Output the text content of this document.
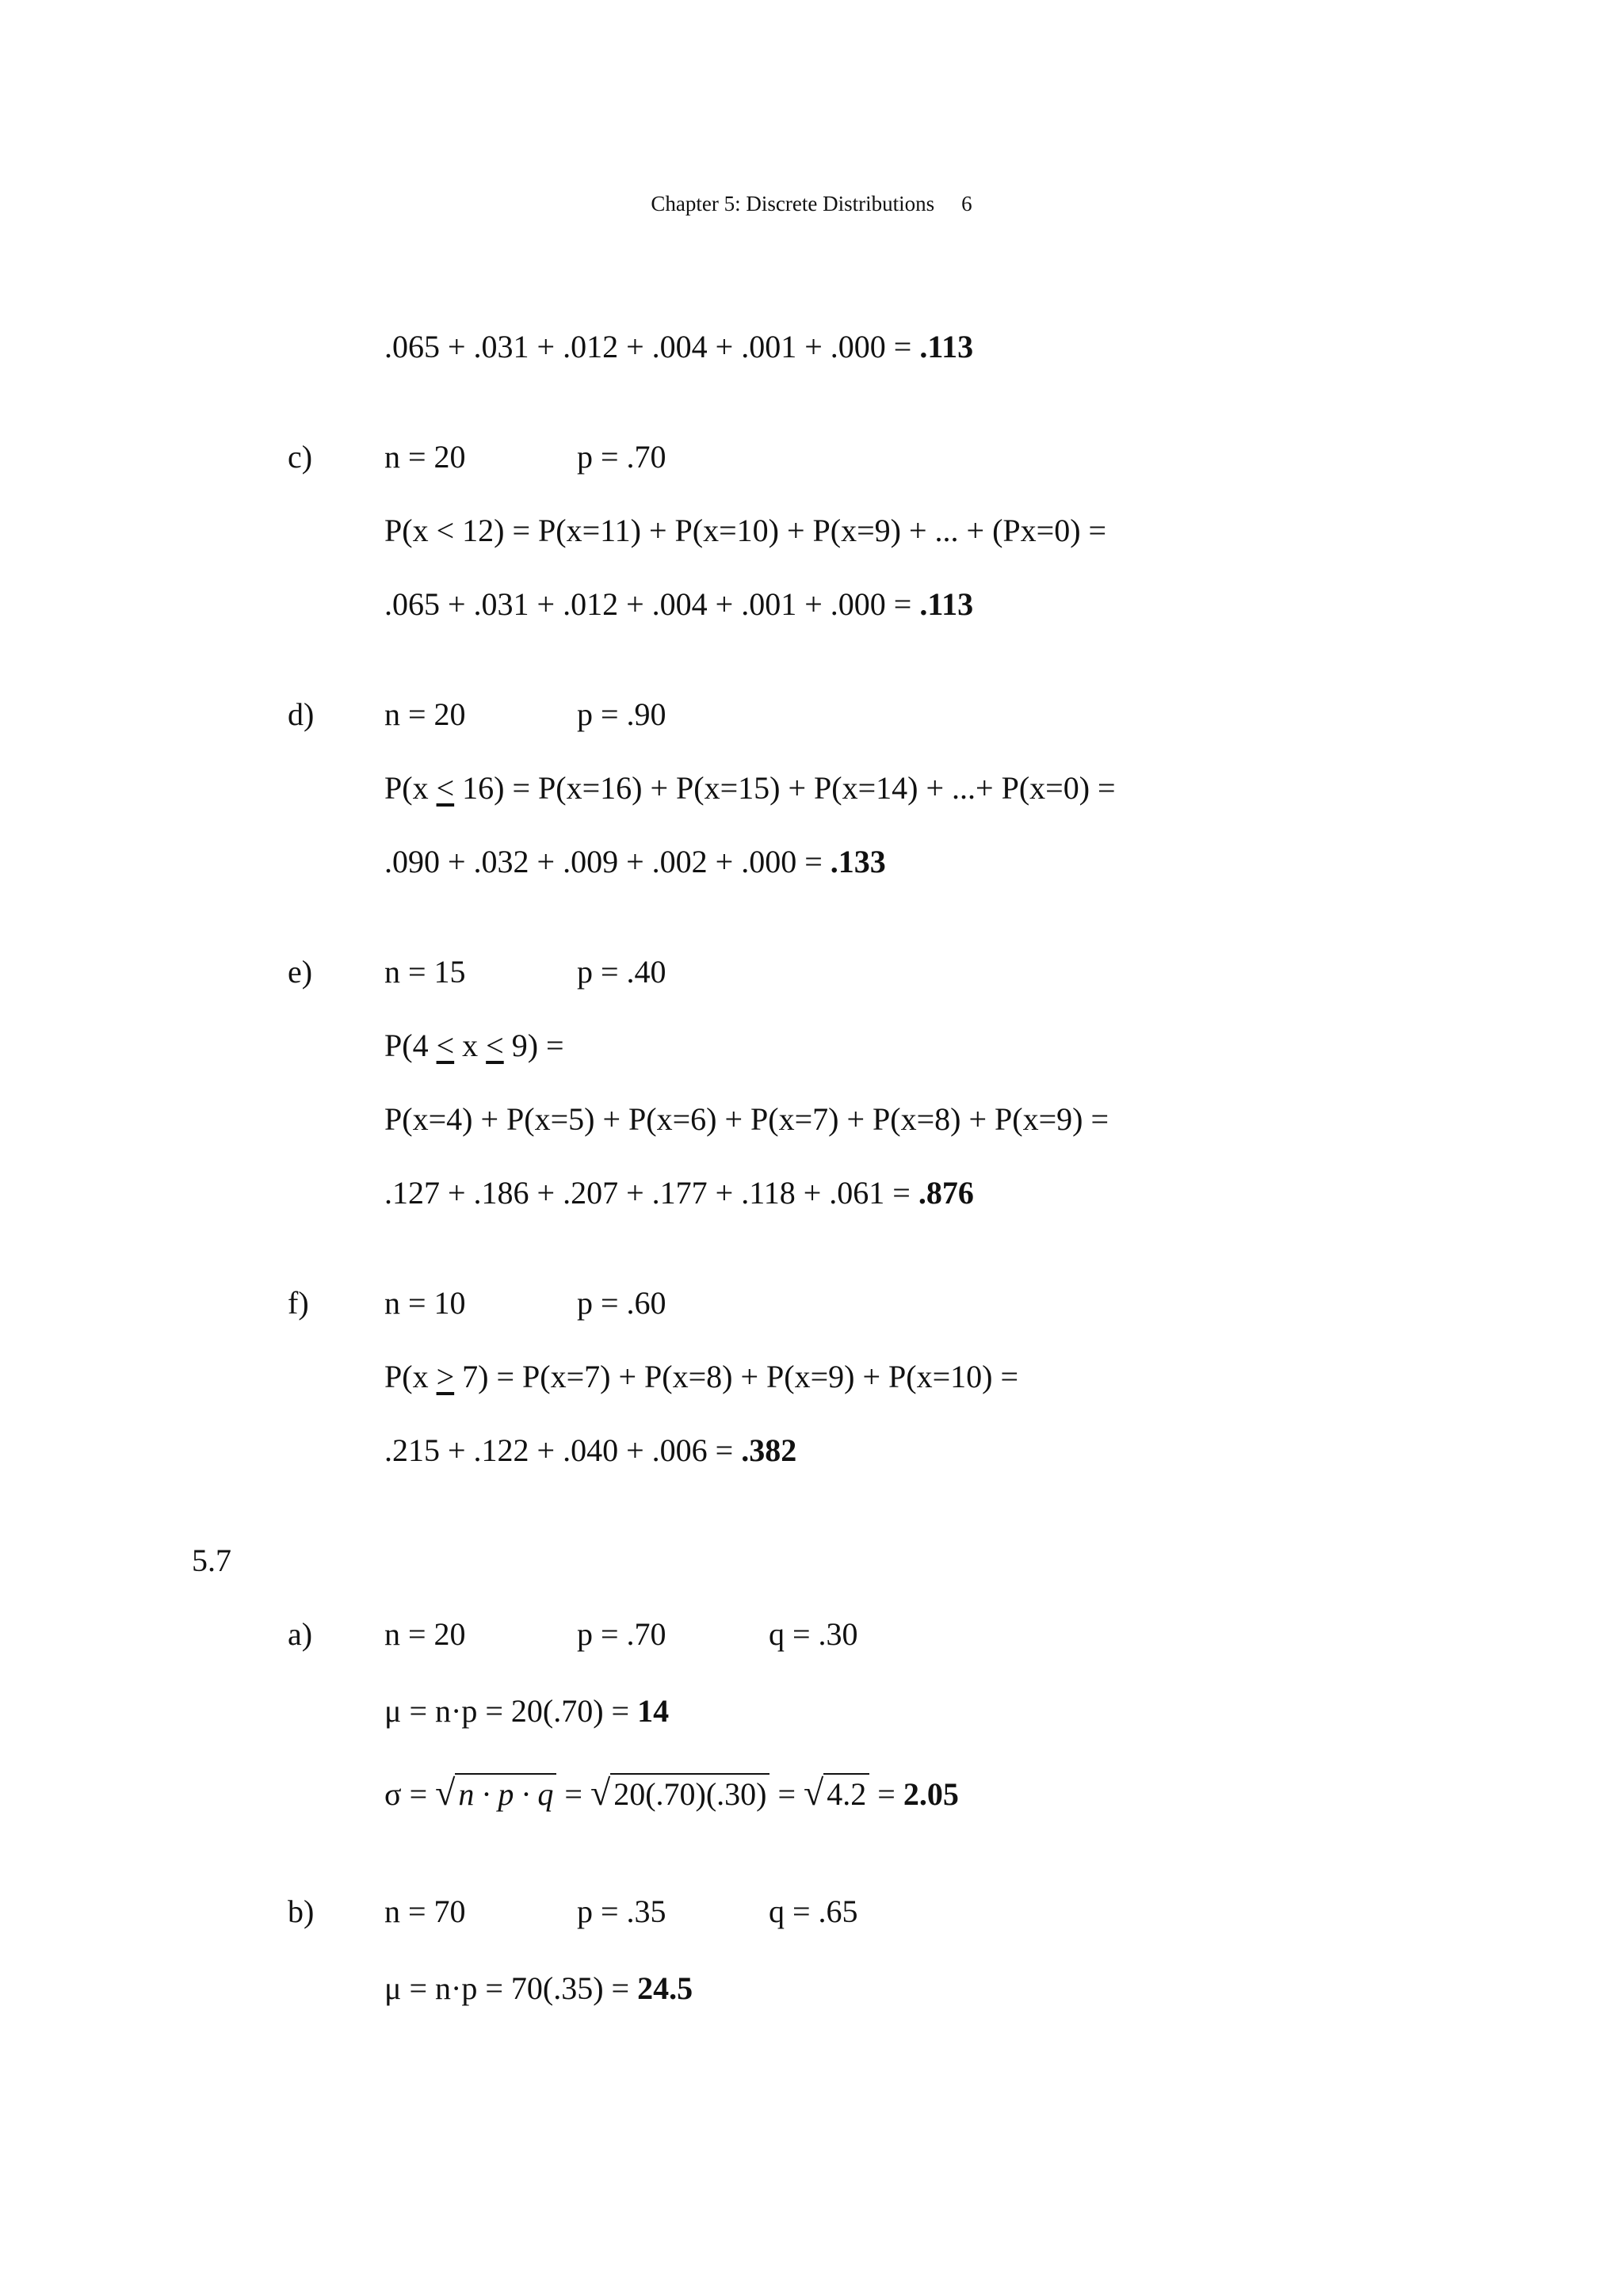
Chapter 5: Discrete Distributions 6
.065 + .031 + .012 + .004 + .001 + .000 = .113
c) n = 20	p = .70
P(x < 12) = P(x=11) + P(x=10) + P(x=9) + ... + (Px=0) =
.065 + .031 + .012 + .004 + .001 + .000 = .113
d) n = 20	p = .90
P(x < 16) = P(x=16) + P(x=15) + P(x=14) + ...+ P(x=0) =
.090 + .032 + .009 + .002 + .000 = .133
e) n = 15	p = .40
P(4 < x < 9) =
P(x=4) + P(x=5) + P(x=6) + P(x=7) + P(x=8) + P(x=9) =
.127 + .186 + .207 + .177 + .118 + .061 = .876
f) n = 10	p = .60
P(x > 7) = P(x=7) + P(x=8) + P(x=9) + P(x=10) =
.215 + .122 + .040 + .006 = .382
5.7
a) n = 20	p = .70	q = .30
μ = n·p = 20(.70) = 14
σ = √ n · p · q = √ 20(.70)(.30) = √ 4.2 = 2.05
b) n = 70	p = .35	q = .65
μ = n·p = 70(.35) = 24.5
